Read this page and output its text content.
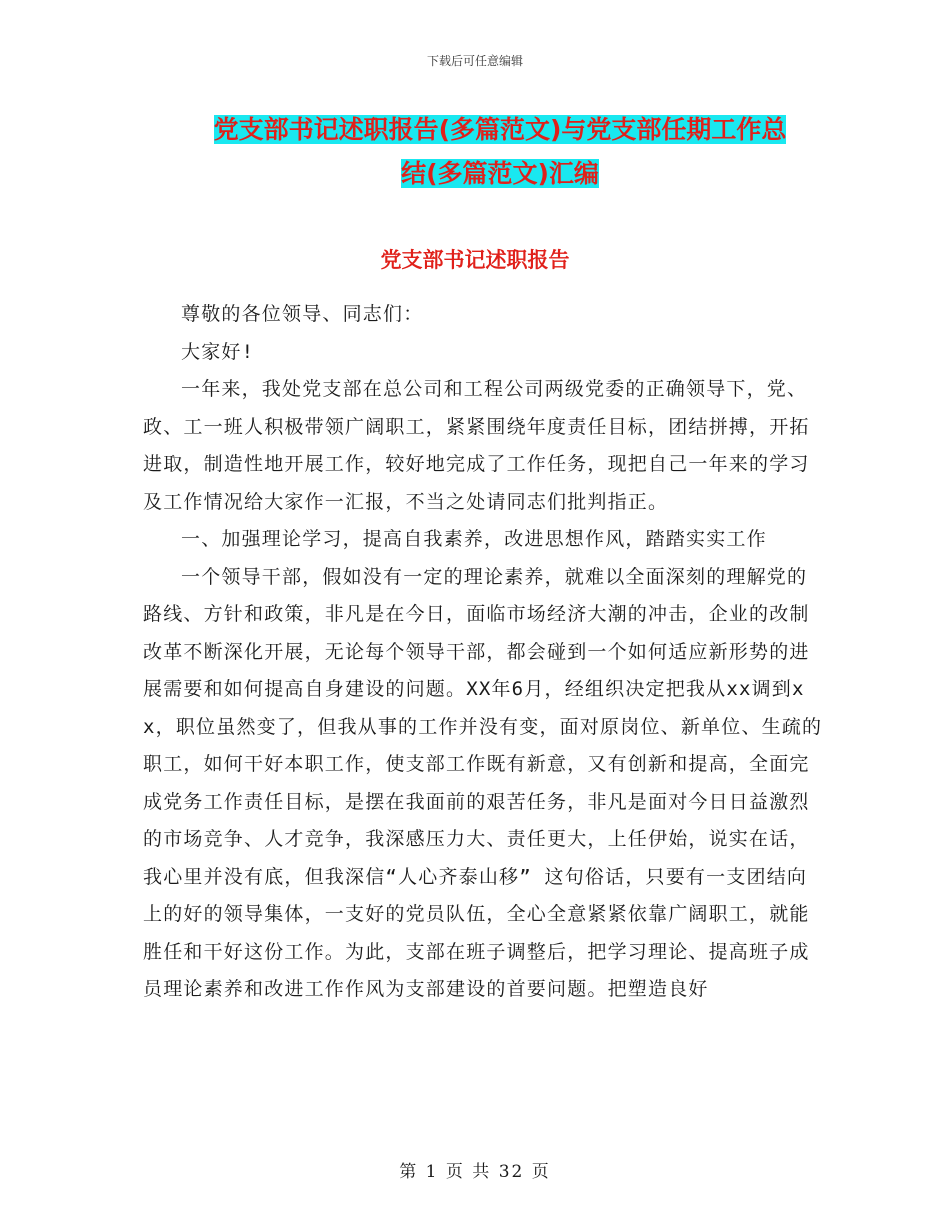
下载后可任意编辑
党支部书记述职报告(多篇范文)与党支部任期工作总
结(多篇范文)汇编
党支部书记述职报告

尊敬的各位领导、同志们：

大家好!

一年来，我处党支部在总公司和工程公司两级党委的正确领导下，党、政、工一班人积极带领广阔职工，紧紧围绕年度责任目标，团结拼搏，开拓进取，制造性地开展工作，较好地完成了工作任务，现把自己一年来的学习及工作情况给大家作一汇报，不当之处请同志们批判指正。

一、加强理论学习，提高自我素养，改进思想作风，踏踏实实工作

一个领导干部，假如没有一定的理论素养，就难以全面深刻的理解党的路线、方针和政策，非凡是在今日，面临市场经济大潮的冲击，企业的改制改革不断深化开展，无论每个领导干部，都会碰到一个如何适应新形势的进展需要和如何提高自身建设的问题。XX年6月，经组织决定把我从xx调到xx，职位虽然变了，但我从事的工作并没有变，面对原岗位、新单位、生疏的职工，如何干好本职工作，使支部工作既有新意，又有创新和提高，全面完成党务工作责任目标，是摆在我面前的艰苦任务，非凡是面对今日日益激烈的市场竞争、人才竞争，我深感压力大、责任更大，上任伊始，说实在话，我心里并没有底，但我深信“人心齐泰山移” 这句俗话，只要有一支团结向上的好的领导集体，一支好的党员队伍，全心全意紧紧依靠广阔职工，就能胜任和干好这份工作。为此，支部在班子调整后，把学习理论、提高班子成员理论素养和改进工作作风为支部建设的首要问题。把塑造良好

第 1 页 共 32 页
